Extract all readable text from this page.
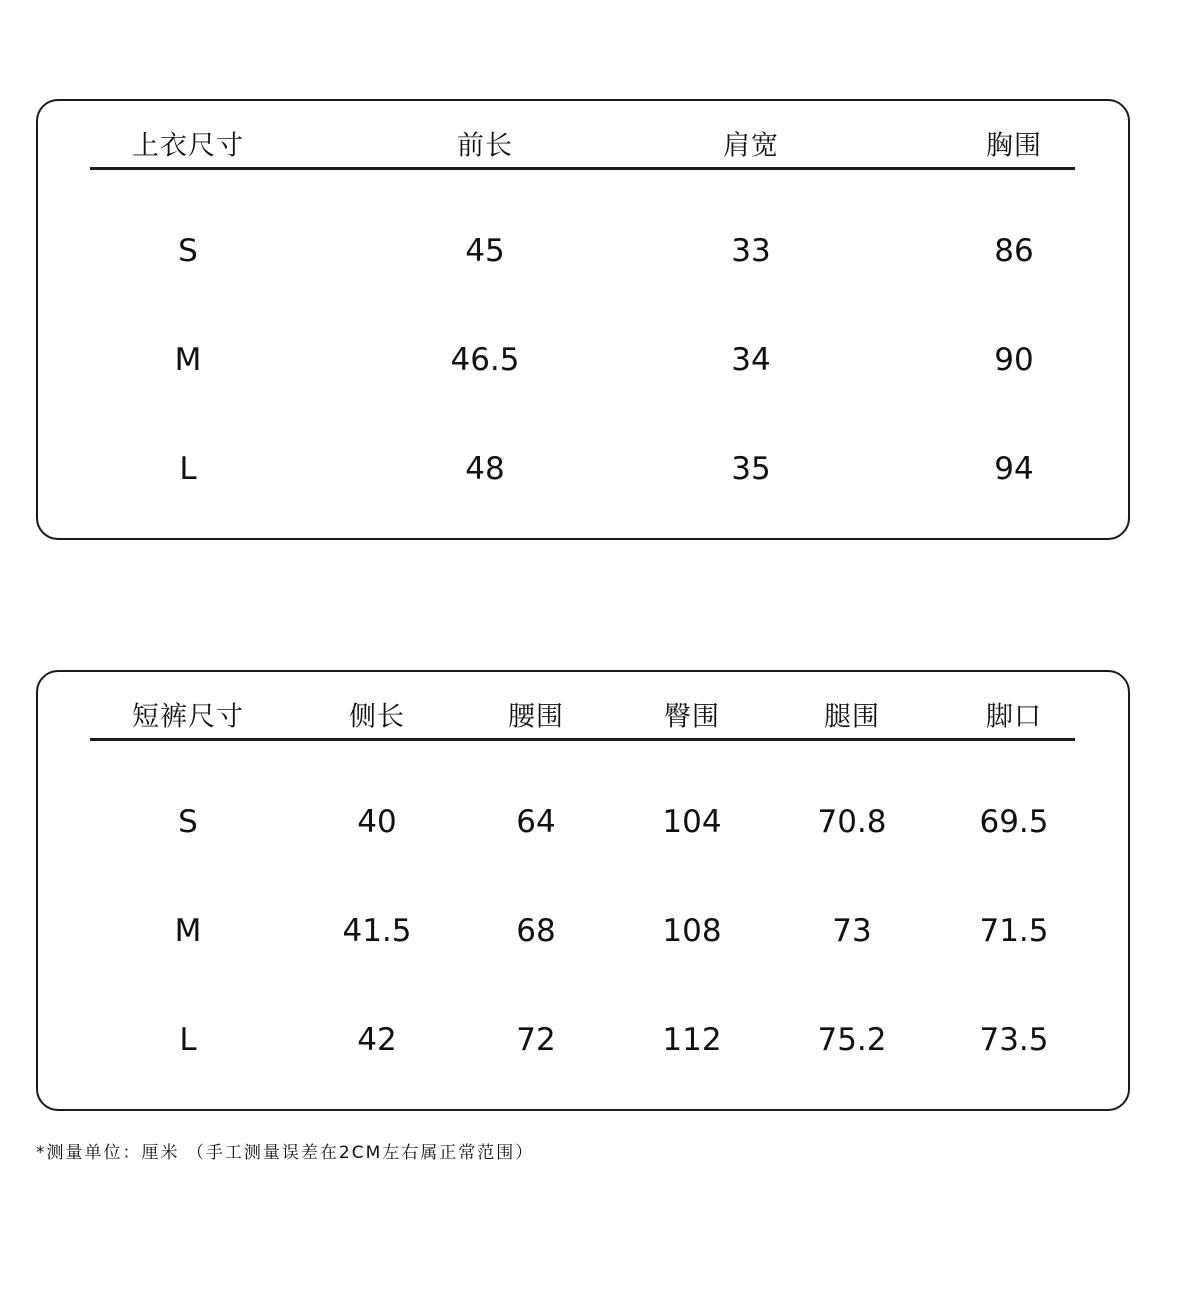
上衣尺寸	前长	肩宽	胸围
S	45	33	86
M	46.5	34	90
L	48	35	94
短裤尺寸	侧长	腰围	臀围	腿围	脚口
S	40	64	104	70.8	69.5
M	41.5	68	108	73	71.5
L	42	72	112	75.2	73.5
*测量单位：厘米 （手工测量误差在2CM左右属正常范围）
